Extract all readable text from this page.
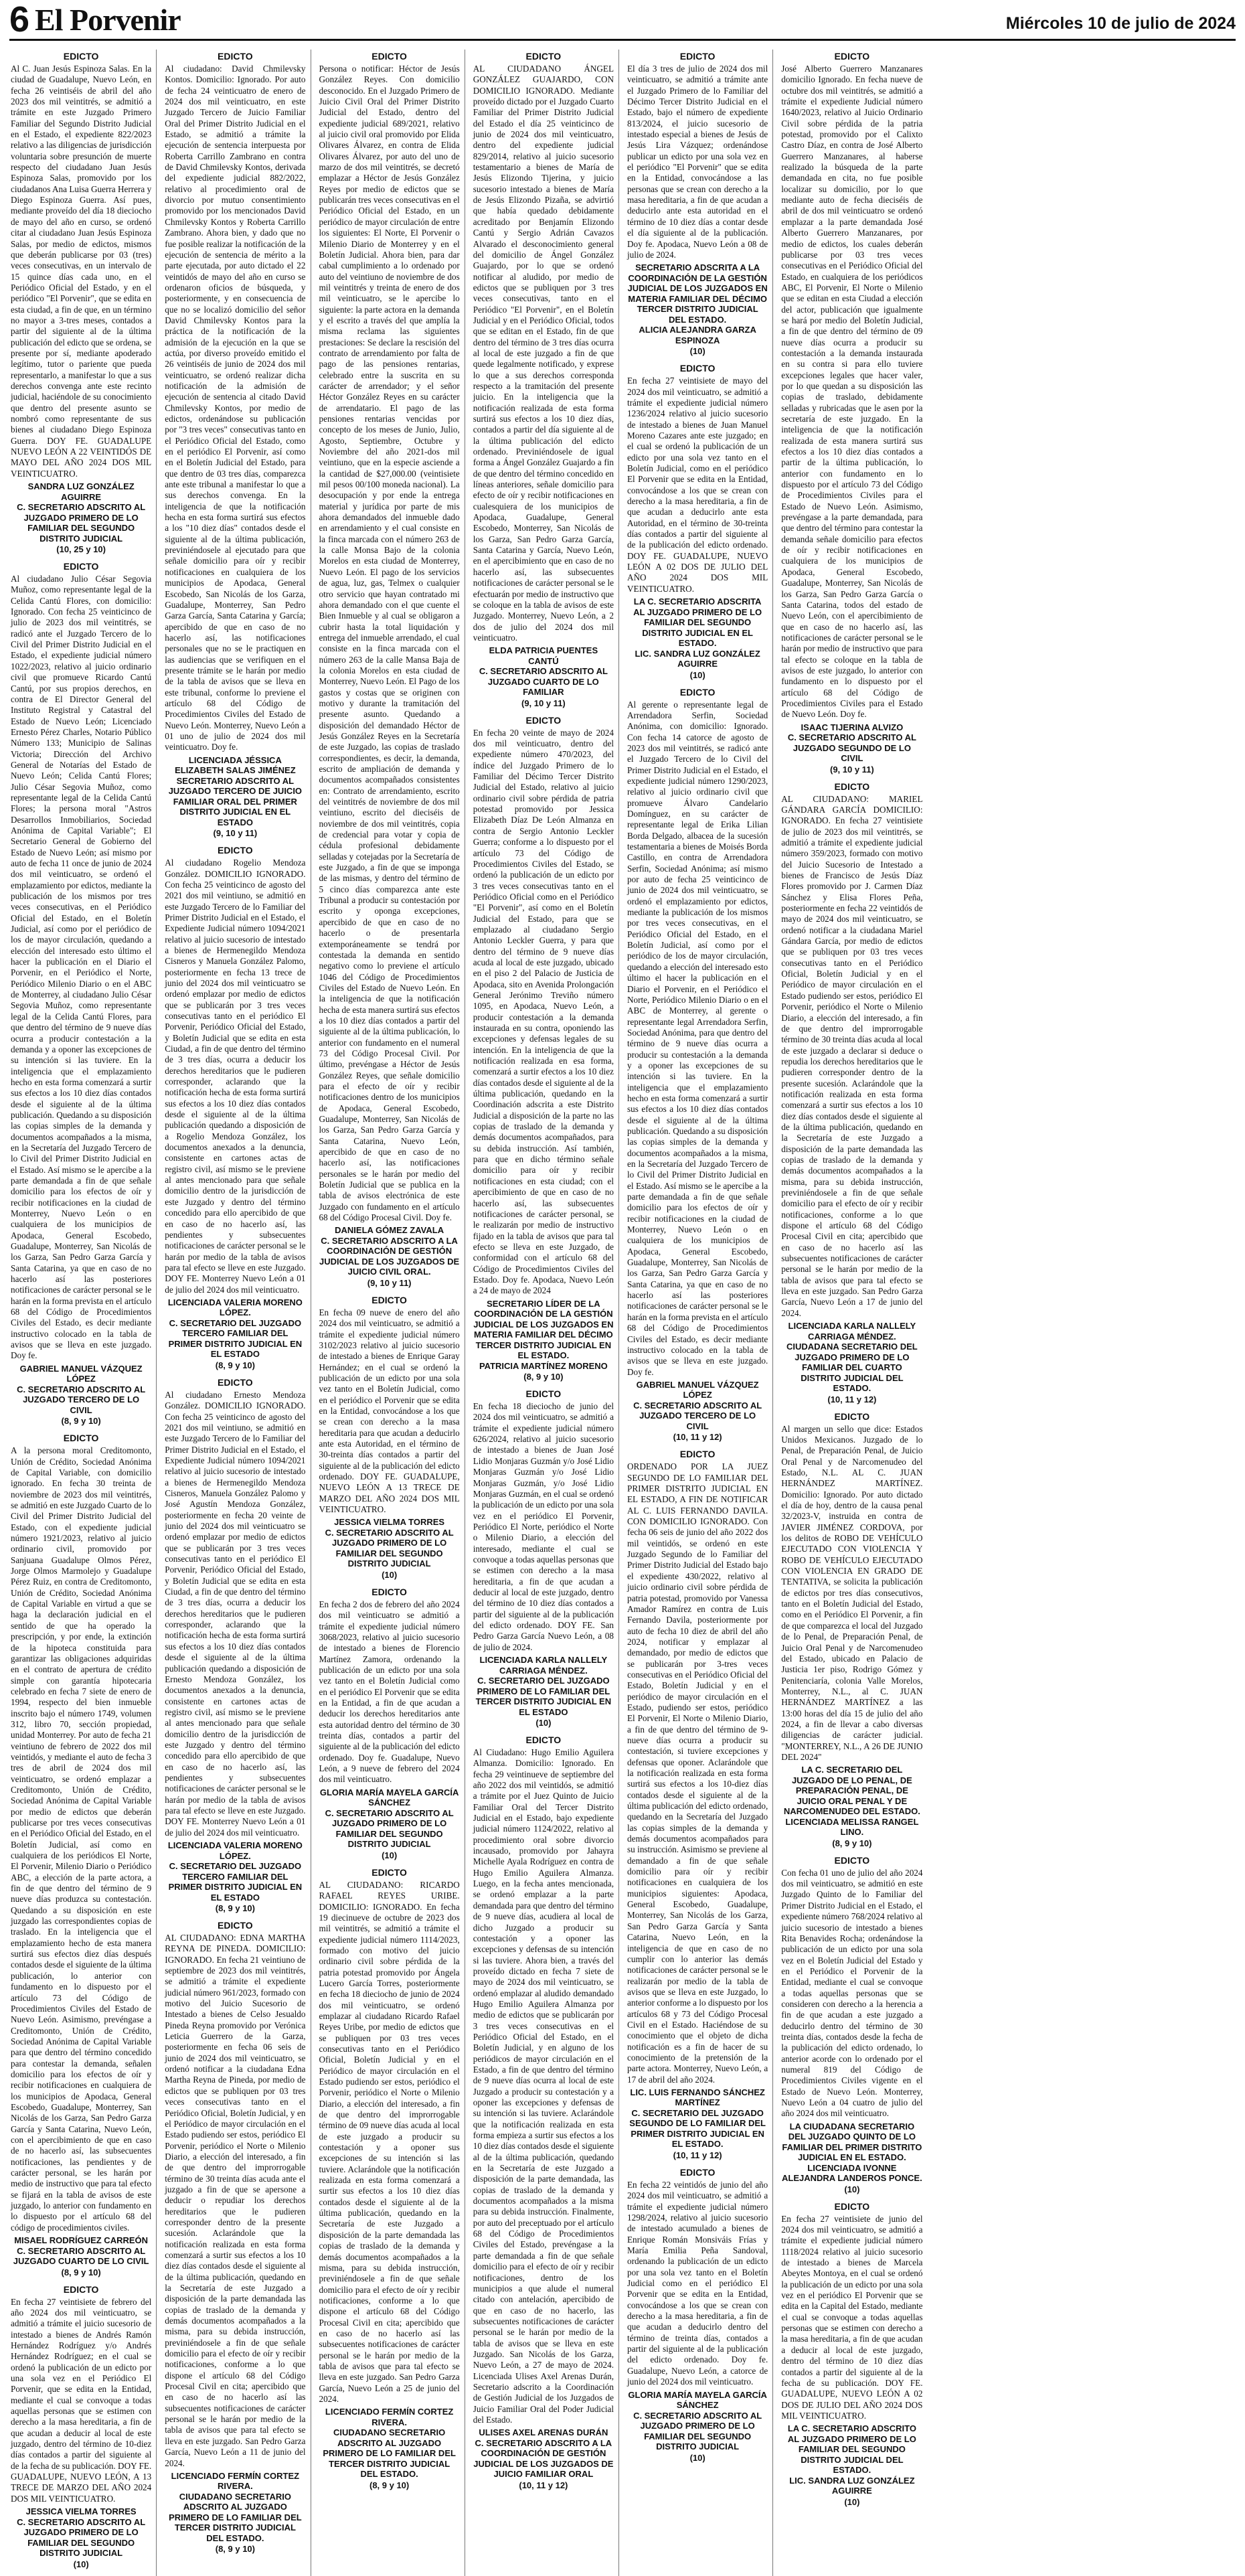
6 El Porvenir	Miércoles 10 de julio de 2024

EDICTO

Al C. Juan Jesús Espinoza Salas. En la ciudad de Guadalupe, Nuevo León, en fecha 26 veintiséis de abril del año 2023 dos mil veintitrés, se admitió a trámite en este Juzgado Primero Familiar del Segundo Distrito Judicial en el Estado, el expediente 822/2023 relativo a las diligencias de jurisdicción voluntaria sobre presunción de muerte respecto del ciudadano Juan Jesús Espinoza Salas, promovido por los ciudadanos Ana Luisa Guerra Herrera y Diego Espinoza Guerra. Así pues, mediante proveído del día 18 dieciocho de mayo del año en curso, se ordenó citar al ciudadano Juan Jesús Espinoza Salas, por medio de edictos, mismos que deberán publicarse por 03 (tres) veces consecutivas, en un intervalo de 15 quince días cada uno, en el Periódico Oficial del Estado, y en el periódico "El Porvenir", que se edita en esta ciudad, a fin de que, en un término no mayor a 3-tres meses, contados a partir del siguiente al de la última publicación del edicto que se ordena, se presente por sí, mediante apoderado legítimo, tutor o pariente que pueda representarlo, a manifestar lo que a sus derechos convenga ante este recinto judicial, haciéndole de su conocimiento que dentro del presente asunto se nombró como representante de sus bienes al ciudadano Diego Espinoza Guerra. DOY FE. GUADALUPE NUEVO LEÓN A 22 VEINTIDÓS DE MAYO DEL AÑO 2024 DOS MIL VEINTICUATRO.

SANDRA LUZ GONZÁLEZ AGUIRRE
C. SECRETARIO ADSCRITO AL JUZGADO PRIMERO DE LO FAMILIAR DEL SEGUNDO DISTRITO JUDICIAL

(10, 25 y 10)

EDICTO

Al ciudadano Julio César Segovia Muñoz, como representante legal de la Celida Cantú Flores, con domicilio: Ignorado. Con fecha 25 veinticinco de julio de 2023 dos mil veintitrés, se radicó ante el Juzgado Tercero de lo Civil del Primer Distrito Judicial en el Estado, el expediente judicial número 1022/2023, relativo al juicio ordinario civil que promueve Ricardo Cantú Cantú, por sus propios derechos, en contra de El Director General del Instituto Registral y Catastral del Estado de Nuevo León; Licenciado Ernesto Pérez Charles, Notario Público Número 133; Municipio de Salinas Victoria; Dirección del Archivo General de Notarías del Estado de Nuevo León; Celida Cantú Flores; Julio César Segovia Muñoz, como representante legal de la Celida Cantú Flores; la persona moral "Astros Desarrollos Inmobiliarios, Sociedad Anónima de Capital Variable"; El Secretario General de Gobierno del Estado de Nuevo León; así mismo por auto de fecha 11 once de junio de 2024 dos mil veinticuatro, se ordenó el emplazamiento por edictos, mediante la publicación de los mismos por tres veces consecutivas, en el Periódico Oficial del Estado, en el Boletín Judicial, así como por el periódico de los de mayor circulación, quedando a elección del interesado esto último el hacer la publicación en el Diario el Porvenir, en el Periódico el Norte, Periódico Milenio Diario o en el ABC de Monterrey, al ciudadano Julio César Segovia Muñoz, como representante legal de la Celida Cantú Flores, para que dentro del término de 9 nueve días ocurra a producir contestación a la demanda y a oponer las excepciones de su intención si las tuviere. En la inteligencia que el emplazamiento hecho en esta forma comenzará a surtir sus efectos a los 10 diez días contados desde el siguiente al de la última publicación. Quedando a su disposición las copias simples de la demanda y documentos acompañados a la misma, en la Secretaría del Juzgado Tercero de lo Civil del Primer Distrito Judicial en el Estado. Así mismo se le apercibe a la parte demandada a fin de que señale domicilio para los efectos de oír y recibir notificaciones en la ciudad de Monterrey, Nuevo León o en cualquiera de los municipios de Apodaca, General Escobedo, Guadalupe, Monterrey, San Nicolás de los Garza, San Pedro Garza García y Santa Catarina, ya que en caso de no hacerlo así las posteriores notificaciones de carácter personal se le harán en la forma prevista en el artículo 68 del Código de Procedimientos Civiles del Estado, es decir mediante instructivo colocado en la tabla de avisos que se lleva en este juzgado. Doy fe.

GABRIEL MANUEL VÁZQUEZ LÓPEZ
C. SECRETARIO ADSCRITO AL JUZGADO TERCERO DE LO CIVIL

(8, 9 y 10)

EDICTO

A la persona moral Creditomonto, Unión de Crédito, Sociedad Anónima de Capital Variable, con domicilio ignorado. En fecha 30 treinta de noviembre de 2023 dos mil veintitrés, se admitió en este Juzgado Cuarto de lo Civil del Primer Distrito Judicial del Estado, con el expediente judicial número 1921/2023, relativo al juicio ordinario civil, promovido por Sanjuana Guadalupe Olmos Pérez, Jorge Olmos Marmolejo y Guadalupe Pérez Ruiz, en contra de Creditomonto, Unión de Crédito, Sociedad Anónima de Capital Variable en virtud a que se haga la declaración judicial en el sentido de que ha operado la prescripción, y por ende, la extinción de la hipoteca constituida para garantizar las obligaciones adquiridas en el contrato de apertura de crédito simple con garantía hipotecaria celebrado en fecha 7 siete de enero de 1994, respecto del bien inmueble inscrito bajo el número 1749, volumen 312, libro 70, sección propiedad, unidad Monterrey. Por auto de fecha 21 veintiuno de febrero de 2022 dos mil veintidós, y mediante el auto de fecha 3 tres de abril de 2024 dos mil veinticuatro, se ordenó emplazar a Creditomonto, Unión de Crédito, Sociedad Anónima de Capital Variable por medio de edictos que deberán publicarse por tres veces consecutivas en el Periódico Oficial del Estado, en el Boletín Judicial, así como en cualquiera de los periódicos El Norte, El Porvenir, Milenio Diario o Periódico ABC, a elección de la parte actora, a fin de que dentro del término de 9 nueve días produzca su contestación. Quedando a su disposición en este juzgado las correspondientes copias de traslado. En la inteligencia que el emplazamiento hecho de esta manera surtirá sus efectos diez días después contados desde el siguiente de la última publicación, lo anterior con fundamento en lo dispuesto por el artículo 73 del Código de Procedimientos Civiles del Estado de Nuevo León. Asimismo, prevéngase a Creditomonto, Unión de Crédito, Sociedad Anónima de Capital Variable para que dentro del término concedido para contestar la demanda, señalen domicilio para los efectos de oír y recibir notificaciones en cualquiera de los municipios de Apodaca, General Escobedo, Guadalupe, Monterrey, San Nicolás de los Garza, San Pedro Garza García y Santa Catarina, Nuevo León, con el apercibimiento de que en caso de no hacerlo así, las subsecuentes notificaciones, las pendientes y de carácter personal, se les harán por medio de instructivo que para tal efecto se fijará en la tabla de avisos de este juzgado, lo anterior con fundamento en lo dispuesto por el artículo 68 del código de procedimientos civiles.

MISAEL RODRÍGUEZ CARREÓN
C. SECRETARIO ADSCRITO AL JUZGADO CUARTO DE LO CIVIL

(8, 9 y 10)

EDICTO

En fecha 27 veintisiete de febrero del año 2024 dos mil veinticuatro, se admitió a trámite el juicio sucesorio de intestado a bienes de Andrés Ramón Hernández Rodríguez y/o Andrés Hernández Rodríguez; en el cual se ordenó la publicación de un edicto por una sola vez en el Periódico El Porvenir, que se edita en la Entidad, mediante el cual se convoque a todas aquellas personas que se estimen con derecho a la masa hereditaria, a fin de que acudan a deducir al local de este juzgado, dentro del término de 10-diez días contados a partir del siguiente al de la fecha de su publicación. DOY FE. GUADALUPE, NUEVO LEÓN, A 13 TRECE DE MARZO DEL AÑO 2024 DOS MIL VEINTICUATRO.

JESSICA VIELMA TORRES
C. SECRETARIO ADSCRITO AL JUZGADO PRIMERO DE LO FAMILIAR DEL SEGUNDO DISTRITO JUDICIAL

(10)

EDICTO

Al ciudadano: David Chmilevsky Kontos. Domicilio: Ignorado. Por auto de fecha 24 veinticuatro de enero de 2024 dos mil veinticuatro, en este Juzgado Tercero de Juicio Familiar Oral del Primer Distrito Judicial en el Estado, se admitió a trámite la ejecución de sentencia interpuesta por Roberta Carrillo Zambrano en contra de David Chmilevsky Kontos, derivada del expediente judicial 882/2022, relativo al procedimiento oral de divorcio por mutuo consentimiento promovido por los mencionados David Chmilevsky Kontos y Roberta Carrillo Zambrano. Ahora bien, y dado que no fue posible realizar la notificación de la ejecución de sentencia de mérito a la parte ejecutada, por auto dictado el 22 veintidós de mayo del año en curso se ordenaron oficios de búsqueda, y posteriormente, y en consecuencia de que no se localizó domicilio del señor David Chmilevsky Kontos para la práctica de la notificación de la admisión de la ejecución en la que se actúa, por diverso proveído emitido el 26 veintiséis de junio de 2024 dos mil veinticuatro, se ordenó realizar dicha notificación de la admisión de ejecución de sentencia al citado David Chmilevsky Kontos, por medio de edictos, ordenándose su publicación por "3 tres veces" consecutivas tanto en el Periódico Oficial del Estado, como en el periódico El Porvenir, así como en el Boletín Judicial del Estado, para que dentro de 03 tres días, comparezca ante este tribunal a manifestar lo que a sus derechos convenga. En la inteligencia de que la notificación hecha en esta forma surtirá sus efectos a los "10 diez días" contados desde el siguiente al de la última publicación, previniéndosele al ejecutado para que señale domicilio para oír y recibir notificaciones en cualquiera de los municipios de Apodaca, General Escobedo, San Nicolás de los Garza, Guadalupe, Monterrey, San Pedro Garza García, Santa Catarina y García; apercibido de que en caso de no hacerlo así, las notificaciones personales que no se le practiquen en las audiencias que se verifiquen en el presente trámite se le harán por medio de la tabla de avisos que se lleva en este tribunal, conforme lo previene el artículo 68 del Código de Procedimientos Civiles del Estado de Nuevo León. Monterrey, Nuevo León a 01 uno de julio de 2024 dos mil veinticuatro. Doy fe.

LICENCIADA JÉSSICA ELIZABETH SALAS JIMÉNEZ
SECRETARIO ADSCRITO AL JUZGADO TERCERO DE JUICIO FAMILIAR ORAL DEL PRIMER DISTRITO JUDICIAL EN EL ESTADO

(9, 10 y 11)

EDICTO

Al ciudadano Rogelio Mendoza González. DOMICILIO IGNORADO. Con fecha 25 veinticinco de agosto del 2021 dos mil veintiuno, se admitió en este Juzgado Tercero de lo Familiar del Primer Distrito Judicial en el Estado, el Expediente Judicial número 1094/2021 relativo al juicio sucesorio de intestado a bienes de Hermenegildo Mendoza Cisneros y Manuela González Palomo, posteriormente en fecha 13 trece de junio del 2024 dos mil veinticuatro se ordenó emplazar por medio de edictos que se publicarán por 3 tres veces consecutivas tanto en el periódico El Porvenir, Periódico Oficial del Estado, y Boletín Judicial que se edita en esta Ciudad, a fin de que dentro del término de 3 tres días, ocurra a deducir los derechos hereditarios que le pudieren corresponder, aclarando que la notificación hecha de esta forma surtirá sus efectos a los 10 diez días contados desde el siguiente al de la última publicación quedando a disposición de a Rogelio Mendoza González, los documentos anexados a la denuncia, consistente en cartones actas de registro civil, así mismo se le previene al antes mencionado para que señale domicilio dentro de la jurisdicción de este Juzgado y dentro del término concedido para ello apercibido de que en caso de no hacerlo así, las pendientes y subsecuentes notificaciones de carácter personal se le harán por medio de la tabla de avisos para tal efecto se lleve en este Juzgado. DOY FE. Monterrey Nuevo León a 01 de julio del 2024 dos mil veinticuatro.

LICENCIADA VALERIA MORENO LÓPEZ.
C. SECRETARIO DEL JUZGADO TERCERO FAMILIAR DEL PRIMER DISTRITO JUDICIAL EN EL ESTADO

(8, 9 y 10)

EDICTO

Al ciudadano Ernesto Mendoza González. DOMICILIO IGNORADO. Con fecha 25 veinticinco de agosto del 2021 dos mil veintiuno, se admitió en este Juzgado Tercero de lo Familiar del Primer Distrito Judicial en el Estado, el Expediente Judicial número 1094/2021 relativo al juicio sucesorio de intestado a bienes de Hermenegildo Mendoza Cisneros, Manuela González Palomo y José Agustín Mendoza González, posteriormente en fecha 20 veinte de junio del 2024 dos mil veinticuatro se ordenó emplazar por medio de edictos que se publicarán por 3 tres veces consecutivas tanto en el periódico El Porvenir, Periódico Oficial del Estado, y Boletín Judicial que se edita en esta Ciudad, a fin de que dentro del término de 3 tres días, ocurra a deducir los derechos hereditarios que le pudieren corresponder, aclarando que la notificación hecha de esta forma surtirá sus efectos a los 10 diez días contados desde el siguiente al de la última publicación quedando a disposición de Ernesto Mendoza González, los documentos anexados a la denuncia, consistente en cartones actas de registro civil, así mismo se le previene al antes mencionado para que señale domicilio dentro de la jurisdicción de este Juzgado y dentro del término concedido para ello apercibido de que en caso de no hacerlo así, las pendientes y subsecuentes notificaciones de carácter personal se le harán por medio de la tabla de avisos para tal efecto se lleve en este Juzgado. DOY FE. Monterrey Nuevo León a 01 de julio del 2024 dos mil veinticuatro.

LICENCIADA VALERIA MORENO LÓPEZ.
C. SECRETARIO DEL JUZGADO TERCERO FAMILIAR DEL PRIMER DISTRITO JUDICIAL EN EL ESTADO

(8, 9 y 10)

EDICTO

AL CIUDADANO: EDNA MARTHA REYNA DE PINEDA. DOMICILIO: IGNORADO. En fecha 21 veintiuno de septiembre de 2023 dos mil veintitrés, se admitió a trámite el expediente judicial número 961/2023, formado con motivo del Juicio Sucesorio de Intestado a bienes de Celso Jesualdo Pineda Reyna promovido por Verónica Leticia Guerrero de la Garza, posteriormente en fecha 06 seis de junio de 2024 dos mil veinticuatro, se ordenó notificar a la ciudadana Edna Martha Reyna de Pineda, por medio de edictos que se publiquen por 03 tres veces consecutivas tanto en el Periódico Oficial, Boletín Judicial, y en el Periódico de mayor circulación en el Estado pudiendo ser estos, periódico El Porvenir, periódico el Norte o Milenio Diario, a elección del interesado, a fin de que dentro del improrrogable término de 30 treinta días acuda ante el juzgado a fin de que se apersone a deducir o repudiar los derechos hereditarios que le pudieren corresponder dentro de la presente sucesión. Aclarándole que la notificación realizada en esta forma comenzará a surtir sus efectos a los 10 diez días contados desde el siguiente al de la última publicación, quedando en la Secretaría de este Juzgado a disposición de la parte demandada las copias de traslado de la demanda y demás documentos acompañados a la misma, para su debida instrucción, previniéndosele a fin de que señale domicilio para el efecto de oír y recibir notificaciones, conforme a lo que dispone el artículo 68 del Código Procesal Civil en cita; apercibido que en caso de no hacerlo así las subsecuentes notificaciones de carácter personal se le harán por medio de la tabla de avisos que para tal efecto se lleva en este juzgado. San Pedro Garza García, Nuevo León a 11 de junio del 2024.

LICENCIADO FERMÍN CORTEZ RIVERA.
CIUDADANO SECRETARIO ADSCRITO AL JUZGADO PRIMERO DE LO FAMILIAR DEL TERCER DISTRITO JUDICIAL DEL ESTADO.

(8, 9 y 10)

EDICTO

Persona o notificar: Héctor de Jesús González Reyes. Con domicilio desconocido. En el Juzgado Primero de Juicio Civil Oral del Primer Distrito Judicial del Estado, dentro del expediente judicial 689/2021, relativo al juicio civil oral promovido por Elida Olivares Álvarez, en contra de Elida Olivares Álvarez, por auto del uno de marzo de dos mil veintitrés, se decretó emplazar a Héctor de Jesús González Reyes por medio de edictos que se publicarán tres veces consecutivas en el Periódico Oficial del Estado, en un periódico de mayor circulación de entre los siguientes: El Norte, El Porvenir o Milenio Diario de Monterrey y en el Boletín Judicial. Ahora bien, para dar cabal cumplimiento a lo ordenado por auto del veintiuno de noviembre de dos mil veintitrés y treinta de enero de dos mil veinticuatro, se le apercibe lo siguiente: la parte actora en la demanda y el escrito a través del que amplía la misma reclama las siguientes prestaciones: Se declare la rescisión del contrato de arrendamiento por falta de pago de las pensiones rentarias, celebrado entre la suscrita en su carácter de arrendador; y el señor Héctor González Reyes en su carácter de arrendatario. El pago de las pensiones rentarias vencidas por concepto de los meses de Junio, Julio, Agosto, Septiembre, Octubre y Noviembre del año 2021-dos mil veintiuno, que en la especie asciende a la cantidad de $27,000.00 (veintisiete mil pesos 00/100 moneda nacional). La desocupación y por ende la entrega material y jurídica por parte de mis ahora demandados del inmueble dado en arrendamiento y el cual consiste en la finca marcada con el número 263 de la calle Monsa Bajo de la colonia Morelos en esta ciudad de Monterrey, Nuevo León. El pago de los servicios de agua, luz, gas, Telmex o cualquier otro servicio que hayan contratado mi ahora demandado con el que cuente el Bien Inmueble y al cual se obligaron a cubrir hasta la total liquidación y entrega del inmueble arrendado, el cual consiste en la finca marcada con el número 263 de la calle Mansa Baja de la colonia Morelos en esta ciudad de Monterrey, Nuevo León. El Pago de los gastos y costas que se originen con motivo y durante la tramitación del presente asunto. Quedando a disposición del demandado Héctor de Jesús González Reyes en la Secretaría de este Juzgado, las copias de traslado correspondientes, es decir, la demanda, escrito de ampliación de demanda y documentos acompañados consistentes en: Contrato de arrendamiento, escrito del veintitrés de noviembre de dos mil veintiuno, escrito del dieciséis de noviembre de dos mil veintitrés, copia de credencial para votar y copia de cédula profesional debidamente selladas y cotejadas por la Secretaría de este Juzgado, a fin de que se imponga de las mismas, y dentro del término de 5 cinco días comparezca ante este Tribunal a producir su contestación por escrito y oponga excepciones, apercibido de que en caso de no hacerlo o de presentarla extemporáneamente se tendrá por contestada la demanda en sentido negativo como lo previene el artículo 1046 del Código de Procedimientos Civiles del Estado de Nuevo León. En la inteligencia de que la notificación hecha de esta manera surtirá sus efectos a los 10 diez días contados a partir del siguiente al de la última publicación, lo anterior con fundamento en el numeral 73 del Código Procesal Civil. Por último, prevéngase a Héctor de Jesús González Reyes, que señale domicilio para el efecto de oír y recibir notificaciones dentro de los municipios de Apodaca, General Escobedo, Guadalupe, Monterrey, San Nicolás de los Garza, San Pedro Garza García y Santa Catarina, Nuevo León, apercibido de que en caso de no hacerlo así, las notificaciones personales se le harán por medio del Boletín Judicial que se publica en la tabla de avisos electrónica de este Juzgado con fundamento en el artículo 68 del Código Procesal Civil. Doy fe.

DANIELA GÓMEZ ZAVALA
C. SECRETARIO ADSCRITO A LA COORDINACIÓN DE GESTIÓN JUDICIAL DE LOS JUZGADOS DE JUICIO CIVIL ORAL.

(9, 10 y 11)

EDICTO

En fecha 09 nueve de enero del año 2024 dos mil veinticuatro, se admitió a trámite el expediente judicial número 3102/2023 relativo al juicio sucesorio de intestado a bienes de Enrique Garay Hernández; en el cual se ordenó la publicación de un edicto por una sola vez tanto en el Boletín Judicial, como en el periódico el Porvenir que se edita en la Entidad, convocándose a los que se crean con derecho a la masa hereditaria para que acudan a deducirlo ante esta Autoridad, en el término de 30-treinta días contados a partir del siguiente al de la publicación del edicto ordenado. DOY FE. GUADALUPE, NUEVO LEÓN A 13 TRECE DE MARZO DEL AÑO 2024 DOS MIL VEINTICUATRO.

JESSICA VIELMA TORRES
C. SECRETARIO ADSCRITO AL JUZGADO PRIMERO DE LO FAMILIAR DEL SEGUNDO DISTRITO JUDICIAL

(10)

EDICTO

En fecha 2 dos de febrero del año 2024 dos mil veinticuatro se admitió a trámite el expediente judicial número 3068/2023, relativo al juicio sucesorio de intestado a bienes de Florencio Martínez Zamora, ordenando la publicación de un edicto por una sola vez tanto en el Boletín Judicial como en el periódico El Porvenir que se edita en la Entidad, a fin de que acudan a deducir los derechos hereditarios ante esta autoridad dentro del término de 30 treinta días, contados a partir del siguiente al de la publicación del edicto ordenado. Doy fe. Guadalupe, Nuevo León, a 9 nueve de febrero del 2024 dos mil veinticuatro.

GLORIA MARÍA MAYELA GARCÍA SÁNCHEZ
C. SECRETARIO ADSCRITO AL JUZGADO PRIMERO DE LO FAMILIAR DEL SEGUNDO DISTRITO JUDICIAL

(10)

EDICTO

AL CIUDADANO: RICARDO RAFAEL REYES URIBE. DOMICILIO: IGNORADO. En fecha 19 diecinueve de octubre de 2023 dos mil veintitrés, se admitió a trámite el expediente judicial número 1114/2023, formado con motivo del juicio ordinario civil sobre pérdida de la patria potestad promovido por Ángela Lucero García Torres, posteriormente en fecha 18 dieciocho de junio de 2024 dos mil veinticuatro, se ordenó emplazar al ciudadano Ricardo Rafael Reyes Uribe, por medio de edictos que se publiquen por 03 tres veces consecutivas tanto en el Periódico Oficial, Boletín Judicial y en el Periódico de mayor circulación en el Estado pudiendo ser estos, periódico el Porvenir, periódico el Norte o Milenio Diario, a elección del interesado, a fin de que dentro del improrrogable término de 09 nueve días acuda al local de este juzgado a producir su contestación y a oponer sus excepciones de su intención si las tuviere. Aclarándole que la notificación realizada en esta forma comenzará a surtir sus efectos a los 10 diez días contados desde el siguiente al de la última publicación, quedando en la Secretaría de este Juzgado a disposición de la parte demandada las copias de traslado de la demanda y demás documentos acompañados a la misma, para su debida instrucción, previniéndosele a fin de que señale domicilio para el efecto de oír y recibir notificaciones, conforme a lo que dispone el artículo 68 del Código Procesal Civil en cita; apercibido que en caso de no hacerlo así las subsecuentes notificaciones de carácter personal se le harán por medio de la tabla de avisos que para tal efecto se lleva en este juzgado. San Pedro Garza García, Nuevo León a 25 de junio del 2024.

LICENCIADO FERMÍN CORTEZ RIVERA.
CIUDADANO SECRETARIO ADSCRITO AL JUZGADO PRIMERO DE LO FAMILIAR DEL TERCER DISTRITO JUDICIAL DEL ESTADO.

(8, 9 y 10)

EDICTO

AL CIUDADANO ÁNGEL GONZÁLEZ GUAJARDO, CON DOMICILIO IGNORADO. Mediante proveído dictado por el Juzgado Cuarto Familiar del Primer Distrito Judicial del Estado el día 25 veinticinco de junio de 2024 dos mil veinticuatro, dentro del expediente judicial 829/2014, relativo al juicio sucesorio testamentario a bienes de María de Jesús Elizondo Tijerina, y juicio sucesorio intestado a bienes de María de Jesús Elizondo Pizaña, se advirtió que había quedado debidamente acreditado por Benjamín Elizondo Cantú y Sergio Adrián Cavazos Alvarado el desconocimiento general del domicilio de Ángel González Guajardo, por lo que se ordenó notificar al aludido, por medio de edictos que se publiquen por 3 tres veces consecutivas, tanto en el Periódico "El Porvenir", en el Boletín Judicial y en el Periódico Oficial, todos que se editan en el Estado, fin de que dentro del término de 3 tres días ocurra al local de este juzgado a fin de que quede legalmente notificado, y exprese lo que a sus derechos corresponda respecto a la tramitación del presente juicio. En la inteligencia que la notificación realizada de esta forma surtirá sus efectos a los 10 diez días, contados a partir del día siguiente al de la última publicación del edicto ordenado. Previniéndosele de igual forma a Ángel González Guajardo a fin de que dentro del término concedido en líneas anteriores, señale domicilio para efecto de oír y recibir notificaciones en cualesquiera de los municipios de Apodaca, Guadalupe, General Escobedo, Monterrey, San Nicolás de los Garza, San Pedro Garza García, Santa Catarina y García, Nuevo León, en el apercibimiento que en caso de no hacerlo así, las subsecuentes notificaciones de carácter personal se le efectuarán por medio de instructivo que se coloque en la tabla de avisos de este Juzgado. Monterrey, Nuevo León, a 2 dos de julio del 2024 dos mil veinticuatro.

ELDA PATRICIA PUENTES CANTÚ
C. SECRETARIO ADSCRITO AL JUZGADO CUARTO DE LO FAMILIAR

(9, 10 y 11)

EDICTO

En fecha 20 veinte de mayo de 2024 dos mil veinticuatro, dentro del expediente número 470/2023, del índice del Juzgado Primero de lo Familiar del Décimo Tercer Distrito Judicial del Estado, relativo al juicio ordinario civil sobre pérdida de patria potestad promovido por Jessica Elizabeth Díaz De León Almanza en contra de Sergio Antonio Leckler Guerra; conforme a lo dispuesto por el artículo 73 del Código de Procedimientos Civiles del Estado, se ordenó la publicación de un edicto por 3 tres veces consecutivas tanto en el Periódico Oficial como en el Periódico "El Porvenir", así como en el Boletín Judicial del Estado, para que se emplazado al ciudadano Sergio Antonio Leckler Guerra, y para que dentro del término de 9 nueve días acuda al local de este juzgado, ubicado en el piso 2 del Palacio de Justicia de Apodaca, sito en Avenida Prolongación General Jerónimo Treviño número 1095, en Apodaca, Nuevo León, a producir contestación a la demanda instaurada en su contra, oponiendo las excepciones y defensas legales de su intención. En la inteligencia de que la notificación realizada en esa forma, comenzará a surtir efectos a los 10 diez días contados desde el siguiente al de la última publicación, quedando en la Coordinación adscrita a este Distrito Judicial a disposición de la parte no las copias de traslado de la demanda y demás documentos acompañados, para su debida instrucción. Así también, para que en dicho término señale domicilio para oír y recibir notificaciones en esta ciudad; con el apercibimiento de que en caso de no hacerlo así, las subsecuentes notificaciones de carácter personal, se le realizarán por medio de instructivo fijado en la tabla de avisos que para tal efecto se lleva en este Juzgado, de conformidad con el artículo 68 del Código de Procedimientos Civiles del Estado. Doy fe. Apodaca, Nuevo León a 24 de mayo de 2024

SECRETARIO LÍDER DE LA COORDINACIÓN DE LA GESTIÓN JUDICIAL DE LOS JUZGADOS EN MATERIA FAMILIAR DEL DÉCIMO TERCER DISTRITO JUDICIAL EN EL ESTADO.
PATRICIA MARTÍNEZ MORENO

(8, 9 y 10)

EDICTO

En fecha 18 dieciocho de junio del 2024 dos mil veinticuatro, se admitió a trámite el expediente judicial número 626/2024, relativo al juicio sucesorio de intestado a bienes de Juan José Lidio Monjaras Guzmán y/o José Lidio Monjaras Guzmán y/o José Lidio Monjaras Guzmán, y/o José Lidio Monjaras Guzmán, en el cual se ordenó la publicación de un edicto por una sola vez en el periódico El Porvenir, Periódico El Norte, periódico el Norte o Milenio Diario, a elección del interesado, mediante el cual se convoque a todas aquellas personas que se estimen con derecho a la masa hereditaria, a fin de que acudan a deducir al local de este juzgado, dentro del término de 10 diez días contados a partir del siguiente al de la publicación del edicto ordenado. DOY FE. San Pedro Garza García Nuevo León, a 08 de julio de 2024.

LICENCIADA KARLA NALLELY CARRIAGA MÉNDEZ.
C. SECRETARIO DEL JUZGADO PRIMERO DE LO FAMILIAR DEL TERCER DISTRITO JUDICIAL EN EL ESTADO

(10)

EDICTO

Al Ciudadano: Hugo Emilio Aguilera Almanza. Domicilio: Ignorado. En fecha 29 veintinueve de septiembre del año 2022 dos mil veintidós, se admitió a trámite por el Juez Quinto de Juicio Familiar Oral del Tercer Distrito Judicial en el Estado, bajo expediente judicial número 1124/2022, relativo al procedimiento oral sobre divorcio incausado, promovido por Jahayra Michelle Ayala Rodríguez en contra de Hugo Emilio Aguilera Almanza. Luego, en la fecha antes mencionada, se ordenó emplazar a la parte demandada para que dentro del término de 9 nueve días, acudiera al local de dicho Juzgado a producir su contestación y a oponer las excepciones y defensas de su intención si las tuviere. Ahora bien, a través del proveído dictado en fecha 7 siete de mayo de 2024 dos mil veinticuatro, se ordenó emplazar al aludido demandado Hugo Emilio Aguilera Almanza por medio de edictos que se publicarán por 3 tres veces consecutivas en el Periódico Oficial del Estado, en el Boletín Judicial, y en alguno de los periódicos de mayor circulación en el Estado, a fin de que dentro del término de 9 nueve días ocurra al local de este Juzgado a producir su contestación y a oponer las excepciones y defensas de su intención si las tuviere. Aclarándole que la notificación realizada en esta forma empieza a surtir sus efectos a los 10 diez días contados desde el siguiente al de la última publicación, quedando en la Secretaría de este Juzgado a disposición de la parte demandada, las copias de traslado de la demanda y documentos acompañados a la misma para su debida instrucción. Finalmente, por auto del preceptuado por el artículo 68 del Código de Procedimientos Civiles del Estado, prevéngase a la parte demandada a fin de que señale domicilio para el efecto de oír y recibir notificaciones, dentro de los municipios a que alude el numeral citado con antelación, apercibido de que en caso de no hacerlo, las subsecuentes notificaciones de carácter personal se le harán por medio de la tabla de avisos que se lleva en este Juzgado. San Nicolás de los Garza, Nuevo León, a 27 de mayo de 2024. Licenciada Ulises Axel Arenas Durán, Secretario adscrito a la Coordinación de Gestión Judicial de los Juzgados de Juicio Familiar Oral del Poder Judicial del Estado.

ULISES AXEL ARENAS DURÁN
C. SECRETARIO ADSCRITO A LA COORDINACIÓN DE GESTIÓN JUDICIAL DE LOS JUZGADOS DE JUICIO FAMILIAR ORAL

(10, 11 y 12)

EDICTO

El día 3 tres de julio de 2024 dos mil veinticuatro, se admitió a trámite ante el Juzgado Primero de lo Familiar del Décimo Tercer Distrito Judicial en el Estado, bajo el número de expediente 813/2024, el juicio sucesorio de intestado especial a bienes de Jesús de Jesús Lira Vázquez; ordenándose publicar un edicto por una sola vez en el periódico "El Porvenir" que se edita en la Entidad, convocándose a las personas que se crean con derecho a la masa hereditaria, a fin de que acudan a deducirlo ante esta autoridad en el término de 10 diez días a contar desde el día siguiente al de la publicación. Doy fe. Apodaca, Nuevo León a 08 de julio de 2024.

SECRETARIO ADSCRITA A LA COORDINACIÓN DE LA GESTIÓN JUDICIAL DE LOS JUZGADOS EN MATERIA FAMILIAR DEL DÉCIMO TERCER DISTRITO JUDICIAL DEL ESTADO.
ALICIA ALEJANDRA GARZA ESPINOZA

(10)

EDICTO

En fecha 27 veintisiete de mayo del 2024 dos mil veinticuatro, se admitió a trámite el expediente judicial número 1236/2024 relativo al juicio sucesorio de intestado a bienes de Juan Manuel Moreno Cazares ante este juzgado; en el cual se ordenó la publicación de un edicto por una sola vez tanto en el Boletín Judicial, como en el periódico El Porvenir que se edita en la Entidad, convocándose a los que se crean con derecho a la masa hereditaria, a fin de que acudan a deducirlo ante esta Autoridad, en el término de 30-treinta días contados a partir del siguiente al de la publicación del edicto ordenado. DOY FE. GUADALUPE, NUEVO LEÓN A 02 DOS DE JULIO DEL AÑO 2024 DOS MIL VEINTICUATRO.

LA C. SECRETARIO ADSCRITA AL JUZGADO PRIMERO DE LO FAMILIAR DEL SEGUNDO DISTRITO JUDICIAL EN EL ESTADO.
LIC. SANDRA LUZ GONZÁLEZ AGUIRRE

(10)

EDICTO

Al gerente o representante legal de Arrendadora Serfin, Sociedad Anónima, con domicilio: Ignorado. Con fecha 14 catorce de agosto de 2023 dos mil veintitrés, se radicó ante el Juzgado Tercero de lo Civil del Primer Distrito Judicial en el Estado, el expediente judicial número 1290/2023, relativo al juicio ordinario civil que promueve Álvaro Candelario Domínguez, en su carácter de representante legal de Erika Lilian Borda Delgado, albacea de la sucesión testamentaria a bienes de Moisés Borda Castillo, en contra de Arrendadora Serfin, Sociedad Anónima; así mismo por auto de fecha 25 veinticinco de junio de 2024 dos mil veinticuatro, se ordenó el emplazamiento por edictos, mediante la publicación de los mismos por tres veces consecutivas, en el Periódico Oficial del Estado, en el Boletín Judicial, así como por el periódico de los de mayor circulación, quedando a elección del interesado esto último el hacer la publicación en el Diario el Porvenir, en el Periódico el Norte, Periódico Milenio Diario o en el ABC de Monterrey, al gerente o representante legal Arrendadora Serfin, Sociedad Anónima, para que dentro del término de 9 nueve días ocurra a producir su contestación a la demanda y a oponer las excepciones de su intención si las tuviere. En la inteligencia que el emplazamiento hecho en esta forma comenzará a surtir sus efectos a los 10 diez días contados desde el siguiente al de la última publicación. Quedando a su disposición las copias simples de la demanda y documentos acompañados a la misma, en la Secretaría del Juzgado Tercero de lo Civil del Primer Distrito Judicial en el Estado. Así mismo se le apercibe a la parte demandada a fin de que señale domicilio para los efectos de oír y recibir notificaciones en la ciudad de Monterrey, Nuevo León o en cualquiera de los municipios de Apodaca, General Escobedo, Guadalupe, Monterrey, San Nicolás de los Garza, San Pedro Garza García y Santa Catarina, ya que en caso de no hacerlo así las posteriores notificaciones de carácter personal se le harán en la forma prevista en el artículo 68 del Código de Procedimientos Civiles del Estado, es decir mediante instructivo colocado en la tabla de avisos que se lleva en este juzgado. Doy fe.

GABRIEL MANUEL VÁZQUEZ LÓPEZ
C. SECRETARIO ADSCRITO AL JUZGADO TERCERO DE LO CIVIL

(10, 11 y 12)

EDICTO

ORDENADO POR LA JUEZ SEGUNDO DE LO FAMILIAR DEL PRIMER DISTRITO JUDICIAL EN EL ESTADO, A FIN DE NOTIFICAR AL C. LUIS FERNANDO DAVILA. CON DOMICILIO IGNORADO. Con fecha 06 seis de junio del año 2022 dos mil veintidós, se ordenó en este Juzgado Segundo de lo Familiar del Primer Distrito Judicial del Estado bajo el expediente 430/2022, relativo al juicio ordinario civil sobre pérdida de patria potestad, promovido por Vanessa Amador Ramírez en contra de Luis Fernando Davila, posteriormente por auto de fecha 10 diez de abril del año 2024, notificar y emplazar al demandado, por medio de edictos que se publicarán por 3-tres veces consecutivas en el Periódico Oficial del Estado, Boletín Judicial y en el periódico de mayor circulación en el Estado, pudiendo ser estos, periódico El Porvenir, El Norte o Milenio Diario, a fin de que dentro del término de 9-nueve días ocurra a producir su contestación, si tuviere excepciones y defensas que oponer. Aclarándole que la notificación realizada en esta forma surtirá sus efectos a los 10-diez días contados desde el siguiente al de la última publicación del edicto ordenado, quedando en la Secretaría del Juzgado las copias simples de la demanda y demás documentos acompañados para su instrucción. Asimismo se previene al demandado a fin de que señale domicilio para oír y recibir notificaciones en cualquiera de los municipios siguientes: Apodaca, General Escobedo, Guadalupe, Monterrey, San Nicolás de los Garza, San Pedro Garza García y Santa Catarina, Nuevo León, en la inteligencia de que en caso de no cumplir con lo anterior las demás notificaciones de carácter personal se le realizarán por medio de la tabla de avisos que se lleva en este Juzgado, lo anterior conforme a lo dispuesto por los artículos 68 y 73 del Código Procesal Civil en el Estado. Haciéndose de su conocimiento que el objeto de dicha notificación es a fin de hacer de su conocimiento de la pretensión de la parte actora. Monterrey, Nuevo León, a 17 de abril del año 2024.

LIC. LUIS FERNANDO SÁNCHEZ MARTÍNEZ
C. SECRETARIO DEL JUZGADO SEGUNDO DE LO FAMILIAR DEL PRIMER DISTRITO JUDICIAL EN EL ESTADO.

(10, 11 y 12)

EDICTO

En fecha 22 veintidós de junio del año 2024 dos mil veinticuatro, se admitió a trámite el expediente judicial número 1298/2024, relativo al juicio sucesorio de intestado acumulado a bienes de Enrique Román Monsiváis Frías y María Emilia Peña Sandoval, ordenando la publicación de un edicto por una sola vez tanto en el Boletín Judicial como en el periódico El Porvenir que se edita en la Entidad, convocándose a los que se crean con derecho a la masa hereditaria, a fin de que acudan a deducirlo dentro del término de treinta días, contados a partir del siguiente al de la publicación del edicto ordenado. Doy fe. Guadalupe, Nuevo León, a catorce de junio del 2024 dos mil veinticuatro.

GLORIA MARÍA MAYELA GARCÍA SÁNCHEZ
C. SECRETARIO ADSCRITO AL JUZGADO PRIMERO DE LO FAMILIAR DEL SEGUNDO DISTRITO JUDICIAL

(10)

EDICTO

José Alberto Guerrero Manzanares domicilio Ignorado. En fecha nueve de octubre dos mil veintitrés, se admitió a trámite el expediente Judicial número 1640/2023, relativo al Juicio Ordinario Civil sobre pérdida de la patria potestad, promovido por el Calixto Castro Díaz, en contra de José Alberto Guerrero Manzanares, al haberse realizado la búsqueda de la parte demandada en cita, no fue posible localizar su domicilio, por lo que mediante auto de fecha dieciséis de abril de dos mil veinticuatro se ordenó emplazar a la parte demandada José Alberto Guerrero Manzanares, por medio de edictos, los cuales deberán publicarse por 03 tres veces consecutivas en el Periódico Oficial del Estado, en cualquiera de los periódicos ABC, El Porvenir, El Norte o Milenio que se editan en esta Ciudad a elección del actor, publicación que igualmente se hará por medio del Boletín Judicial, a fin de que dentro del término de 09 nueve días ocurra a producir su contestación a la demanda instaurada en su contra si para ello tuviere excepciones legales que hacer valer, por lo que quedan a su disposición las copias de traslado, debidamente selladas y rubricadas que le asen por la secretaría de este juzgado. En la inteligencia de que la notificación realizada de esta manera surtirá sus efectos a los 10 diez días contados a partir de la última publicación, lo anterior con fundamento en lo dispuesto por el artículo 73 del Código de Procedimientos Civiles para el Estado de Nuevo León. Asimismo, prevéngase a la parte demandada, para que dentro del término para contestar la demanda señale domicilio para efectos de oír y recibir notificaciones en cualquiera de los municipios de Apodaca, General Escobedo, Guadalupe, Monterrey, San Nicolás de los Garza, San Pedro Garza García o Santa Catarina, todos del estado de Nuevo León, con el apercibimiento de que en caso de no hacerlo así, las notificaciones de carácter personal se le harán por medio de instructivo que para tal efecto se coloque en la tabla de avisos de este juzgado, lo anterior con fundamento en lo dispuesto por el artículo 68 del Código de Procedimientos Civiles para el Estado de Nuevo León. Doy fe.

ISAAC TIJERINA ALVIZO
C. SECRETARIO ADSCRITO AL JUZGADO SEGUNDO DE LO CIVIL

(9, 10 y 11)

EDICTO

AL CIUDADANO: MARIEL GÁNDARA GARCÍA DOMICILIO: IGNORADO. En fecha 27 veintisiete de julio de 2023 dos mil veintitrés, se admitió a trámite el expediente judicial número 359/2023, formado con motivo del Juicio Sucesorio de Intestado a bienes de Francisco de Jesús Díaz Flores promovido por J. Carmen Díaz Sánchez y Elisa Flores Peña, posteriormente en fecha 22 veintidós de mayo de 2024 dos mil veinticuatro, se ordenó notificar a la ciudadana Mariel Gándara García, por medio de edictos que se publiquen por 03 tres veces consecutivas tanto en el Periódico Oficial, Boletín Judicial y en el Periódico de mayor circulación en el Estado pudiendo ser estos, periódico El Porvenir, periódico el Norte o Milenio Diario, a elección del interesado, a fin de que dentro del improrrogable término de 30 treinta días acuda al local de este juzgado a declarar si deduce o repudia los derechos hereditarios que le pudieren corresponder dentro de la presente sucesión. Aclarándole que la notificación realizada en esta forma comenzará a surtir sus efectos a los 10 diez días contados desde el siguiente al de la última publicación, quedando en la Secretaría de este Juzgado a disposición de la parte demandada las copias de traslado de la demanda y demás documentos acompañados a la misma, para su debida instrucción, previniéndosele a fin de que señale domicilio para el efecto de oír y recibir notificaciones, conforme a lo que dispone el artículo 68 del Código Procesal Civil en cita; apercibido que en caso de no hacerlo así las subsecuentes notificaciones de carácter personal se le harán por medio de la tabla de avisos que para tal efecto se lleva en este juzgado. San Pedro Garza García, Nuevo León a 17 de junio del 2024.

LICENCIADA KARLA NALLELY CARRIAGA MÉNDEZ.
CIUDADANA SECRETARIO DEL JUZGADO PRIMERO DE LO FAMILIAR DEL CUARTO DISTRITO JUDICIAL DEL ESTADO.

(10, 11 y 12)

EDICTO

Al margen un sello que dice: Estados Unidos Mexicanos. Juzgado de lo Penal, de Preparación Penal, de Juicio Oral Penal y de Narcomenudeo del Estado, N.L. AL C. JUAN HERNÁNDEZ MARTÍNEZ. Domicilio: Ignorado. Por auto dictado el día de hoy, dentro de la causa penal 32/2023-V, instruida en contra de JAVIER JIMÉNEZ CORDOVA, por los delitos de ROBO DE VEHÍCULO EJECUTADO CON VIOLENCIA Y ROBO DE VEHÍCULO EJECUTADO CON VIOLENCIA EN GRADO DE TENTATIVA, se solicita la publicación de edictos por tres días consecutivos, tanto en el Boletín Judicial del Estado, como en el Periódico El Porvenir, a fin de que comparezca el local del Juzgado de lo Penal, de Preparación Penal, de Juicio Oral Penal y de Narcomenudeo del Estado, ubicado en Palacio de Justicia 1er piso, Rodrigo Gómez y Penitenciaría, colonia Valle Morelos, Monterrey, N.L., al C. JUAN HERNÁNDEZ MARTÍNEZ a las 13:00 horas del día 15 de julio del año 2024, a fin de llevar a cabo diversas diligencias de carácter judicial. "MONTERREY, N.L., A 26 DE JUNIO DEL 2024"

LA C. SECRETARIO DEL JUZGADO DE LO PENAL, DE PREPARACIÓN PENAL, DE JUICIO ORAL PENAL Y DE NARCOMENUDEO DEL ESTADO.
LICENCIADA MELISSA RANGEL LINO.

(8, 9 y 10)

EDICTO

Con fecha 01 uno de julio del año 2024 dos mil veinticuatro, se admitió en este Juzgado Quinto de lo Familiar del Primer Distrito Judicial en el Estado, el expediente número 768/2024 relativo al juicio sucesorio de intestado a bienes Rita Benavides Rocha; ordenándose la publicación de un edicto por una sola vez en el Boletín Judicial del Estado y en el Periódico el Porvenir de la Entidad, mediante el cual se convoque a todas aquellas personas que se consideren con derecho a la herencia a fin de que acudan a este juzgado a deducirlo dentro del término de 30 treinta días, contados desde la fecha de la publicación del edicto ordenado, lo anterior acorde con lo ordenado por el numeral 819 del Código de Procedimientos Civiles vigente en el Estado de Nuevo León. Monterrey, Nuevo León a 04 cuatro de julio del año 2024 dos mil veinticuatro.

LA CIUDADANA SECRETARIO DEL JUZGADO QUINTO DE LO FAMILIAR DEL PRIMER DISTRITO JUDICIAL EN EL ESTADO.
LICENCIADA IVONNE ALEJANDRA LANDEROS PONCE.

(10)

EDICTO

En fecha 27 veintisiete de junio del 2024 dos mil veinticuatro, se admitió a trámite el expediente judicial número 1118/2024 relativo al juicio sucesorio de intestado a bienes de Marcela Abeytes Montoya, en el cual se ordenó la publicación de un edicto por una sola vez en el periódico El Porvenir que se edita en la Capital del Estado, mediante el cual se convoque a todas aquellas personas que se estimen con derecho a la masa hereditaria, a fin de que acudan a deducir al local de este juzgado, dentro del término de 10 diez días contados a partir del siguiente al de la fecha de su publicación. DOY FE. GUADALUPE, NUEVO LEÓN A 02 DOS DE JULIO DEL AÑO 2024 DOS MIL VEINTICUATRO.

LA C. SECRETARIO ADSCRITO AL JUZGADO PRIMERO DE LO FAMILIAR DEL SEGUNDO DISTRITO JUDICIAL DEL ESTADO.
LIC. SANDRA LUZ GONZÁLEZ AGUIRRE

(10)
